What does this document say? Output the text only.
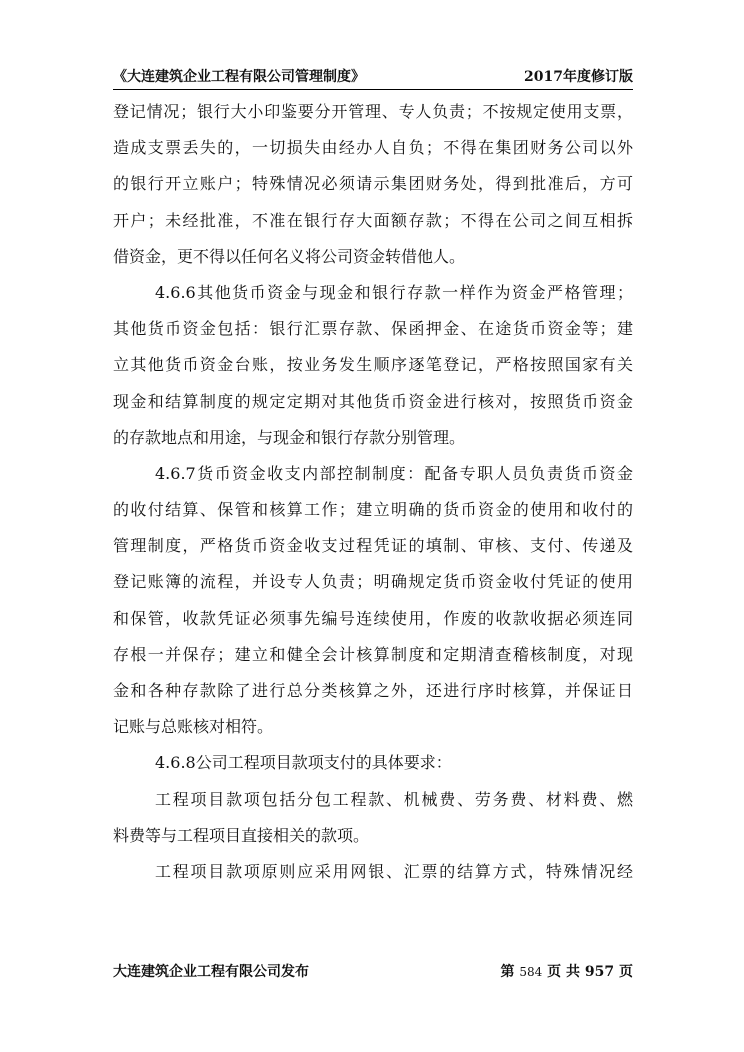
《大连建筑企业工程有限公司管理制度》	2017年度修订版
登记情况；银行大小印鉴要分开管理、专人负责；不按规定使用支票，
造成支票丢失的，一切损失由经办人自负；不得在集团财务公司以外
的银行开立账户；特殊情况必须请示集团财务处，得到批准后，方可
开户；未经批准，不准在银行存大面额存款；不得在公司之间互相拆
借资金，更不得以任何名义将公司资金转借他人。
4.6.6其他货币资金与现金和银行存款一样作为资金严格管理；
其他货币资金包括：银行汇票存款、保函押金、在途货币资金等；建
立其他货币资金台账，按业务发生顺序逐笔登记，严格按照国家有关
现金和结算制度的规定定期对其他货币资金进行核对，按照货币资金
的存款地点和用途，与现金和银行存款分别管理。
4.6.7货币资金收支内部控制制度：配备专职人员负责货币资金
的收付结算、保管和核算工作；建立明确的货币资金的使用和收付的
管理制度，严格货币资金收支过程凭证的填制、审核、支付、传递及
登记账簿的流程，并设专人负责；明确规定货币资金收付凭证的使用
和保管，收款凭证必须事先编号连续使用，作废的收款收据必须连同
存根一并保存；建立和健全会计核算制度和定期清查稽核制度，对现
金和各种存款除了进行总分类核算之外，还进行序时核算，并保证日
记账与总账核对相符。
4.6.8公司工程项目款项支付的具体要求：
工程项目款项包括分包工程款、机械费、劳务费、材料费、燃
料费等与工程项目直接相关的款项。
工程项目款项原则应采用网银、汇票的结算方式，特殊情况经
大连建筑企业工程有限公司发布	第 584 页 共 957 页
